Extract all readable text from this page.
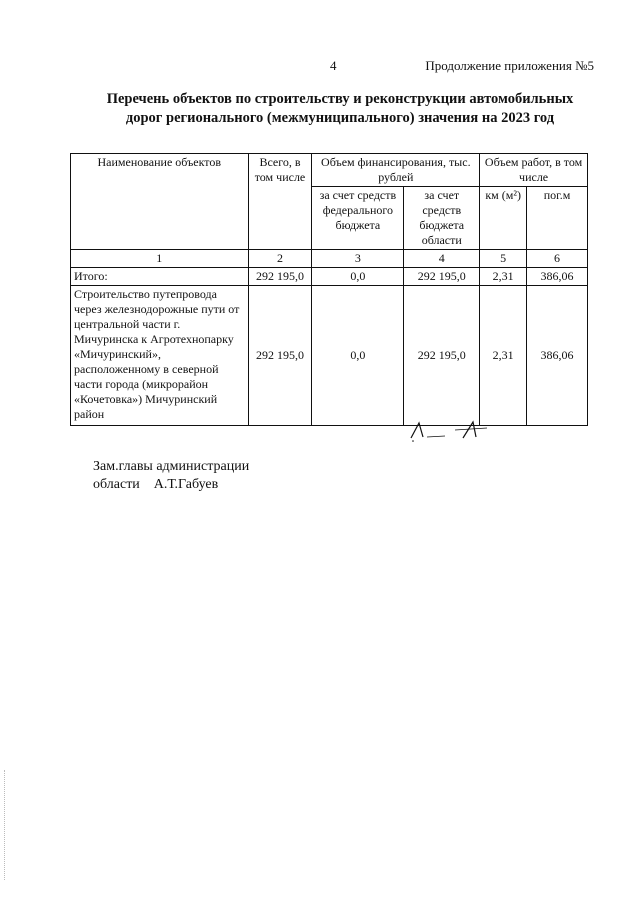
4	Продолжение приложения №5
Перечень объектов по строительству и реконструкции автомобильных
дорог регионального (межмуниципального) значения на 2023 год
Наименование объектов	Всего, в том числе	Объем финансирования, тыс. рублей		Объем работ, в том числе	
		за счет средств федерального бюджета	за счет средств бюджета области	км (м²)	пог.м
1	2	3	4	5	6
Итого:	292 195,0	0,0	292 195,0	2,31	386,06
Строительство путепровода через железнодорожные пути от центральной части г. Мичуринска к Агротехнопарку «Мичуринский», расположенному в северной части города (микрорайон «Кочетовка») Мичуринский район	292 195,0	0,0	292 195,0	2,31	386,06
Зам.главы администрации
области    А.Т.Габуев
